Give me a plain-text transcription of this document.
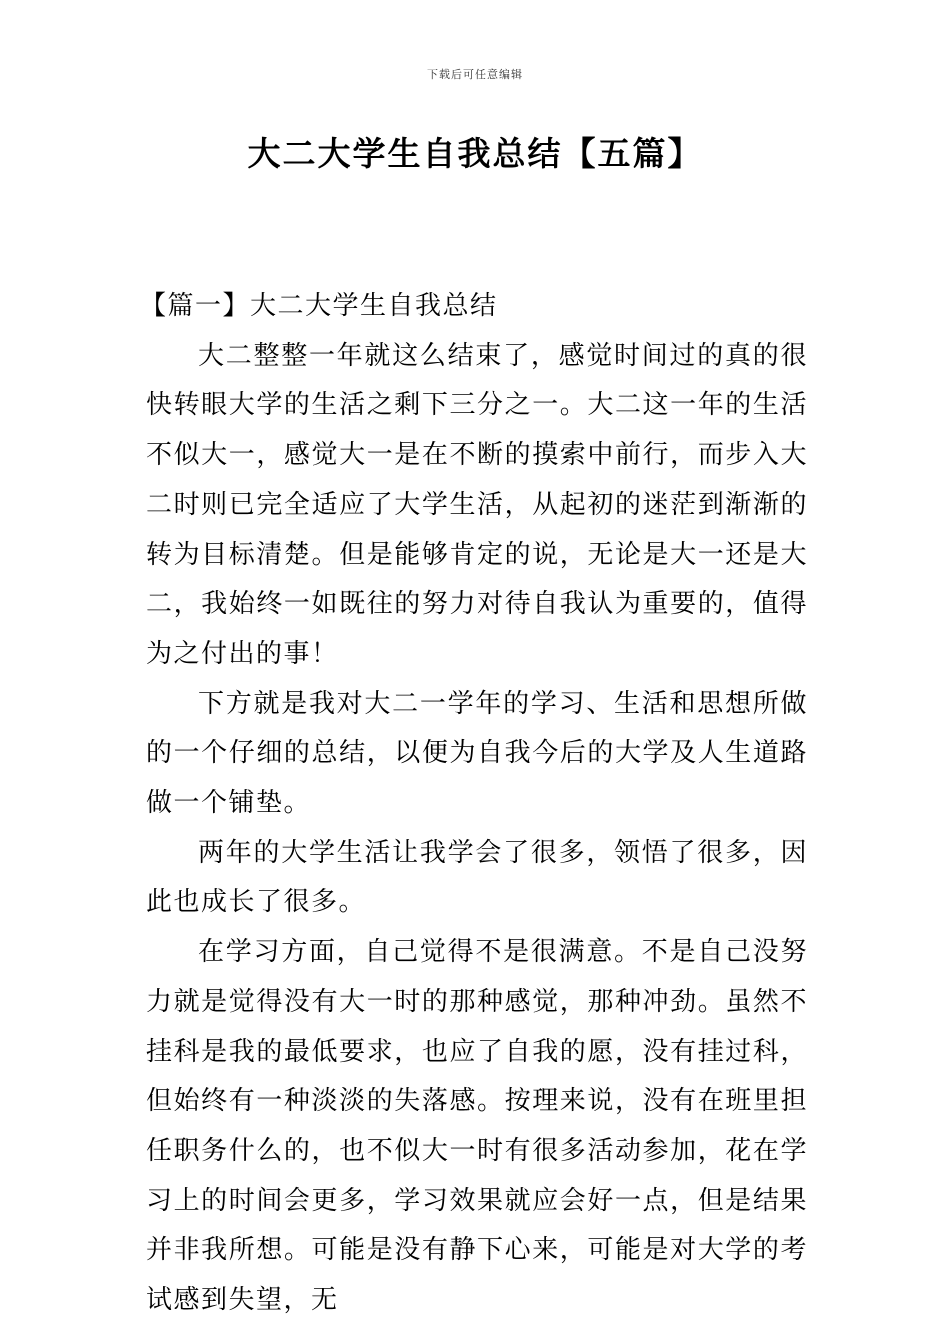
下载后可任意编辑
大二大学生自我总结【五篇】

【篇一】大二大学生自我总结

大二整整一年就这么结束了，感觉时间过的真的很快转眼大学的生活之剩下三分之一。大二这一年的生活不似大一，感觉大一是在不断的摸索中前行，而步入大二时则已完全适应了大学生活，从起初的迷茫到渐渐的转为目标清楚。但是能够肯定的说，无论是大一还是大二，我始终一如既往的努力对待自我认为重要的，值得为之付出的事！

下方就是我对大二一学年的学习、生活和思想所做的一个仔细的总结，以便为自我今后的大学及人生道路做一个铺垫。

两年的大学生活让我学会了很多，领悟了很多，因此也成长了很多。

在学习方面，自己觉得不是很满意。不是自己没努力就是觉得没有大一时的那种感觉，那种冲劲。虽然不挂科是我的最低要求，也应了自我的愿，没有挂过科，但始终有一种淡淡的失落感。按理来说，没有在班里担任职务什么的，也不似大一时有很多活动参加，花在学习上的时间会更多，学习效果就应会好一点，但是结果并非我所想。可能是没有静下心来，可能是对大学的考试感到失望，无
